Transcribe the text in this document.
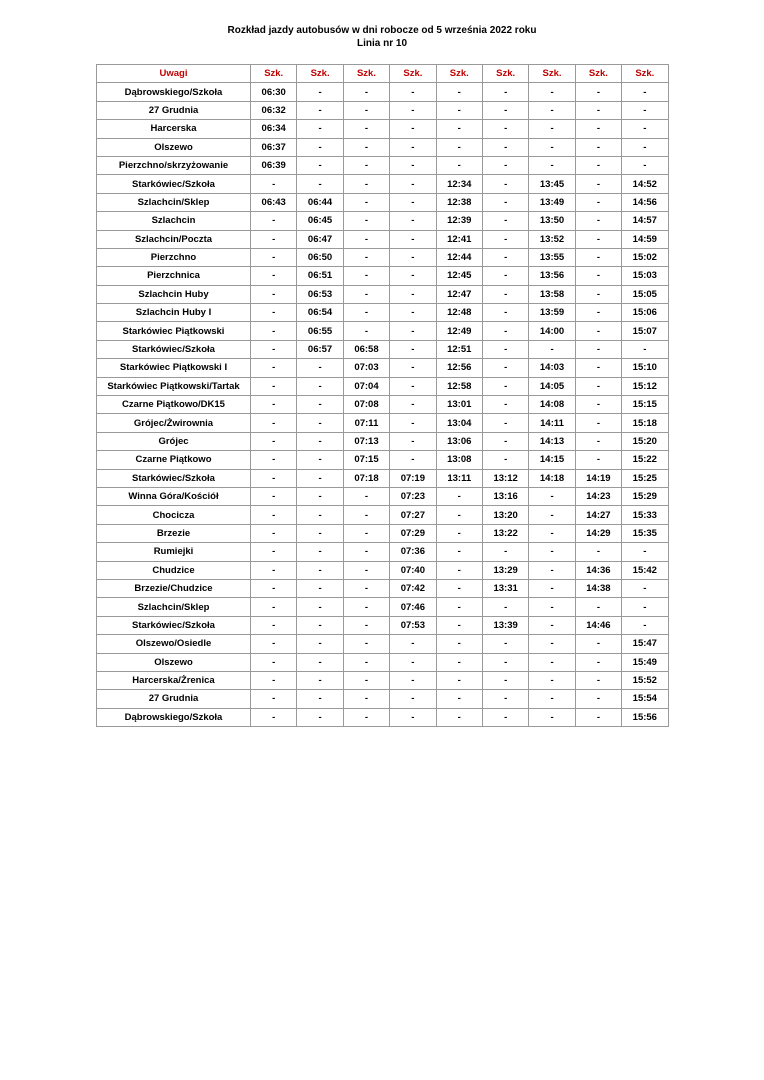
Rozkład jazdy autobusów w dni robocze od 5 września 2022 roku
Linia nr 10
Uwagi	Szk.	Szk.	Szk.	Szk.	Szk.	Szk.	Szk.	Szk.	Szk.
Dąbrowskiego/Szkoła	06:30	-	-	-	-	-	-	-	-
27 Grudnia	06:32	-	-	-	-	-	-	-	-
Harcerska	06:34	-	-	-	-	-	-	-	-
Olszewo	06:37	-	-	-	-	-	-	-	-
Pierzchno/skrzyżowanie	06:39	-	-	-	-	-	-	-	-
Starkówiec/Szkoła	-	-	-	-	12:34	-	13:45	-	14:52
Szlachcin/Sklep	06:43	06:44	-	-	12:38	-	13:49	-	14:56
Szlachcin	-	06:45	-	-	12:39	-	13:50	-	14:57
Szlachcin/Poczta	-	06:47	-	-	12:41	-	13:52	-	14:59
Pierzchno	-	06:50	-	-	12:44	-	13:55	-	15:02
Pierzchnica	-	06:51	-	-	12:45	-	13:56	-	15:03
Szlachcin Huby	-	06:53	-	-	12:47	-	13:58	-	15:05
Szlachcin Huby I	-	06:54	-	-	12:48	-	13:59	-	15:06
Starkówiec Piątkowski	-	06:55	-	-	12:49	-	14:00	-	15:07
Starkówiec/Szkoła	-	06:57	06:58	-	12:51	-	-	-	-
Starkówiec Piątkowski I	-	-	07:03	-	12:56	-	14:03	-	15:10
Starkówiec Piątkowski/Tartak	-	-	07:04	-	12:58	-	14:05	-	15:12
Czarne Piątkowo/DK15	-	-	07:08	-	13:01	-	14:08	-	15:15
Grójec/Żwirownia	-	-	07:11	-	13:04	-	14:11	-	15:18
Grójec	-	-	07:13	-	13:06	-	14:13	-	15:20
Czarne Piątkowo	-	-	07:15	-	13:08	-	14:15	-	15:22
Starkówiec/Szkoła	-	-	07:18	07:19	13:11	13:12	14:18	14:19	15:25
Winna Góra/Kościół	-	-	-	07:23	-	13:16	-	14:23	15:29
Chocicza	-	-	-	07:27	-	13:20	-	14:27	15:33
Brzezie	-	-	-	07:29	-	13:22	-	14:29	15:35
Rumiejki	-	-	-	07:36	-	-	-	-	-
Chudzice	-	-	-	07:40	-	13:29	-	14:36	15:42
Brzezie/Chudzice	-	-	-	07:42	-	13:31	-	14:38	-
Szlachcin/Sklep	-	-	-	07:46	-	-	-	-	-
Starkówiec/Szkoła	-	-	-	07:53	-	13:39	-	14:46	-
Olszewo/Osiedle	-	-	-	-	-	-	-	-	15:47
Olszewo	-	-	-	-	-	-	-	-	15:49
Harcerska/Żrenica	-	-	-	-	-	-	-	-	15:52
27 Grudnia	-	-	-	-	-	-	-	-	15:54
Dąbrowskiego/Szkoła	-	-	-	-	-	-	-	-	15:56
